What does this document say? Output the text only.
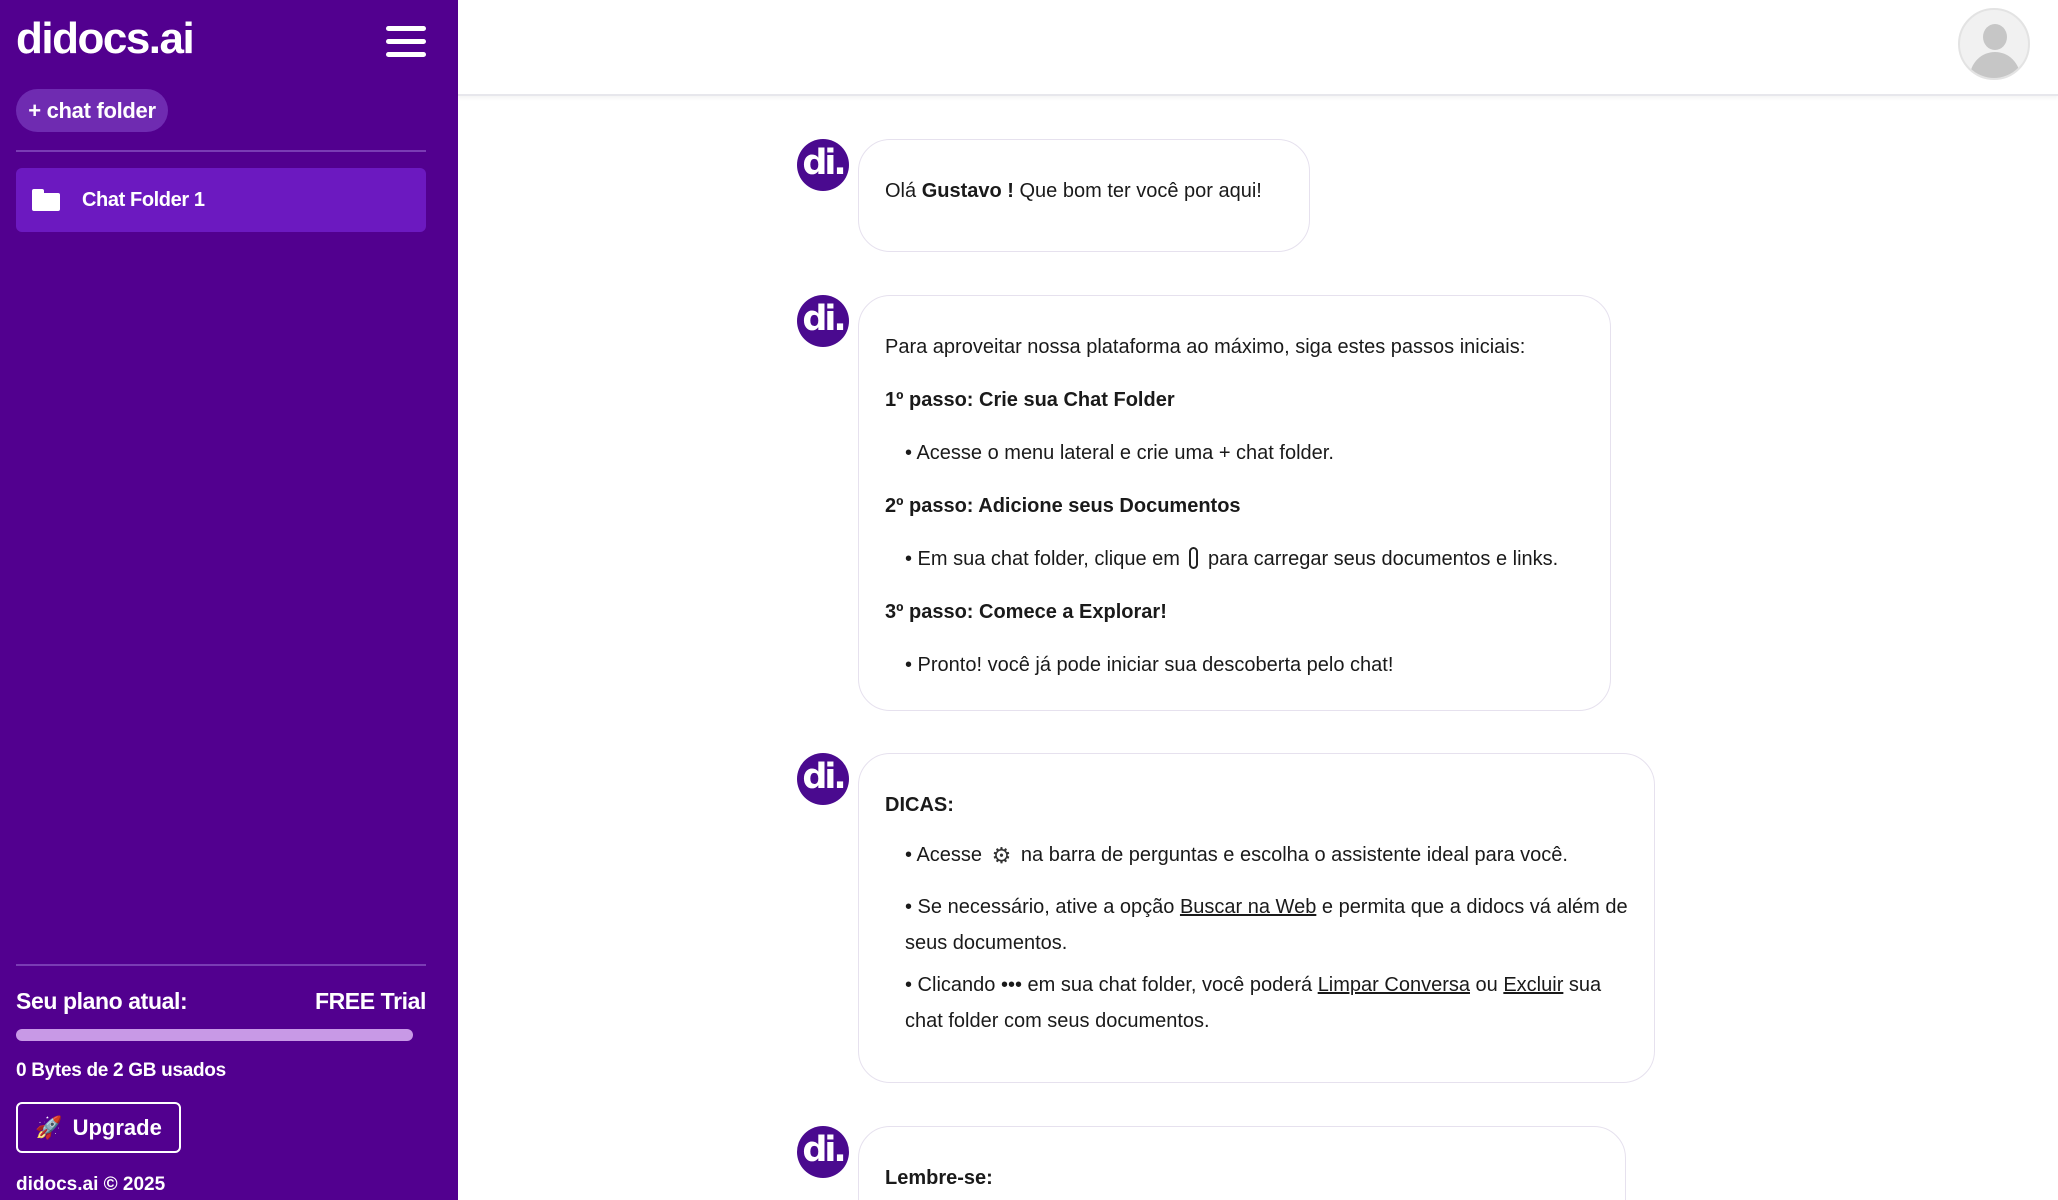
didocs.ai
+ chat folder
Chat Folder 1
Seu plano atual:	FREE Trial
0 Bytes de 2 GB usados
🚀 Upgrade
didocs.ai © 2025
di.

Olá Gustavo ! Que bom ter você por aqui!

di.

Para aproveitar nossa plataforma ao máximo, siga estes passos iniciais:

1º passo: Crie sua Chat Folder

• Acesse o menu lateral e crie uma + chat folder.

2º passo: Adicione seus Documentos

• Em sua chat folder, clique em para carregar seus documentos e links.

3º passo: Comece a Explorar!

• Pronto! você já pode iniciar sua descoberta pelo chat!

di.

DICAS:

• Acesse ⚙ na barra de perguntas e escolha o assistente ideal para você.

• Se necessário, ative a opção Buscar na Web e permita que a didocs vá além de seus documentos.

• Clicando ••• em sua chat folder, você poderá Limpar Conversa ou Excluir sua chat folder com seus documentos.

di.

Lembre-se:
